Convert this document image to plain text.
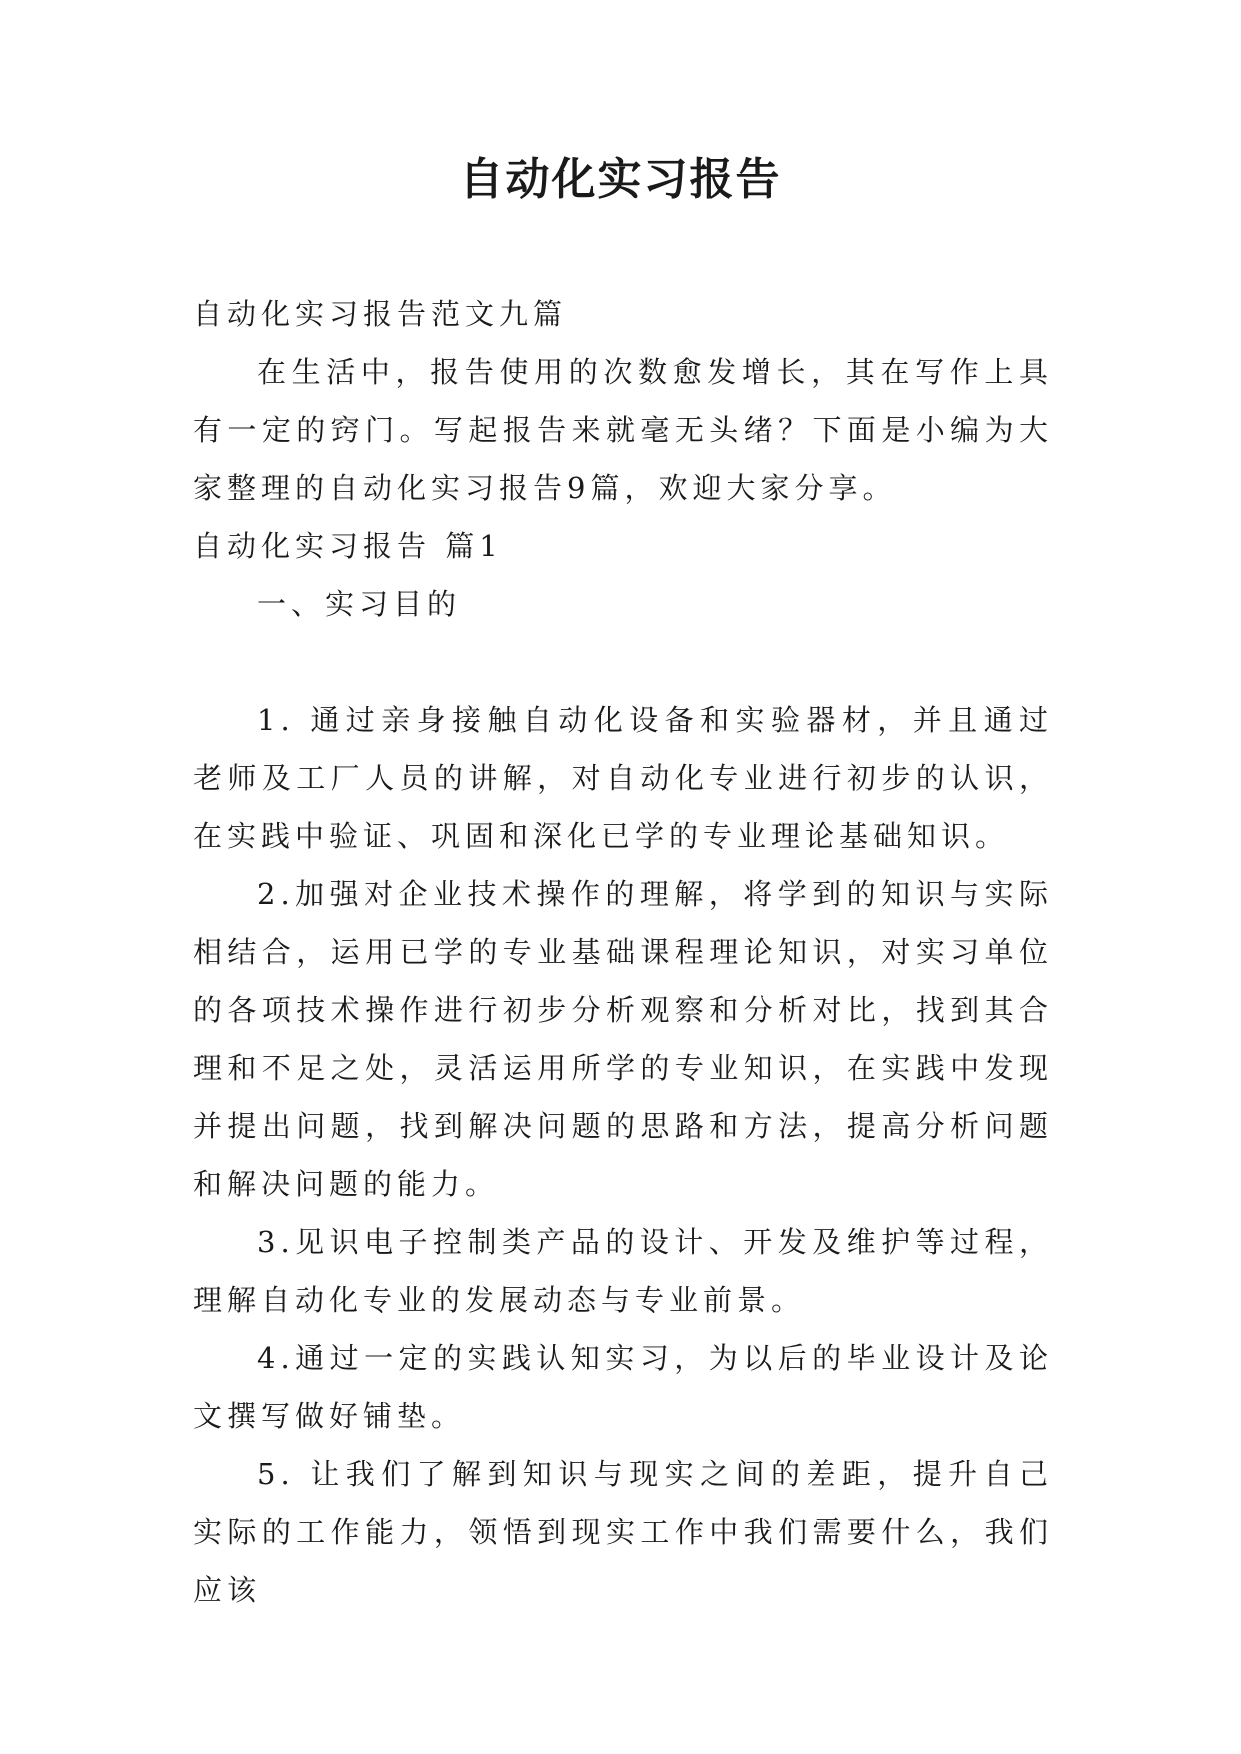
自动化实习报告

自动化实习报告范文九篇

在生活中，报告使用的次数愈发增长，其在写作上具有一定的窍门。写起报告来就毫无头绪？下面是小编为大家整理的自动化实习报告9篇，欢迎大家分享。

自动化实习报告 篇1

一、实习目的

1. 通过亲身接触自动化设备和实验器材，并且通过老师及工厂人员的讲解，对自动化专业进行初步的认识，在实践中验证、巩固和深化已学的专业理论基础知识。

2.加强对企业技术操作的理解，将学到的知识与实际相结合，运用已学的专业基础课程理论知识，对实习单位的各项技术操作进行初步分析观察和分析对比，找到其合理和不足之处，灵活运用所学的专业知识，在实践中发现并提出问题，找到解决问题的思路和方法，提高分析问题和解决问题的能力。

3.见识电子控制类产品的设计、开发及维护等过程，理解自动化专业的发展动态与专业前景。

4.通过一定的实践认知实习，为以后的毕业设计及论文撰写做好铺垫。

5. 让我们了解到知识与现实之间的差距，提升自己实际的工作能力，领悟到现实工作中我们需要什么，我们应该
